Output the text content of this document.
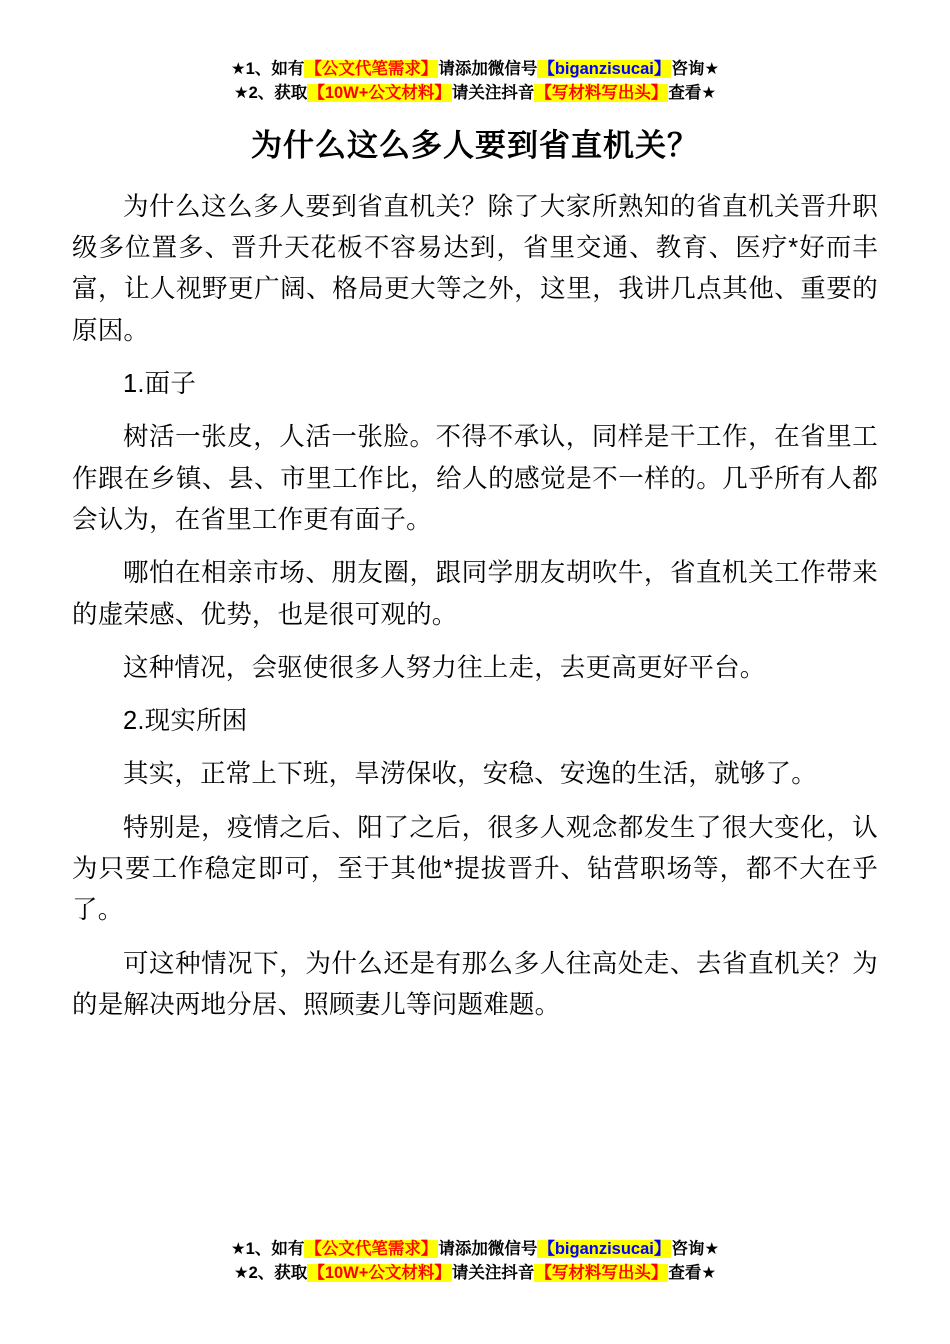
★1、如有【公文代笔需求】请添加微信号【biganzisucai】咨询★
★2、获取【10W+公文材料】请关注抖音【写材料写出头】查看★
为什么这么多人要到省直机关？

为什么这么多人要到省直机关？除了大家所熟知的省直机关晋升职级多位置多、晋升天花板不容易达到，省里交通、教育、医疗*好而丰富，让人视野更广阔、格局更大等之外，这里，我讲几点其他、重要的原因。

1.面子

树活一张皮，人活一张脸。不得不承认，同样是干工作，在省里工作跟在乡镇、县、市里工作比，给人的感觉是不一样的。几乎所有人都会认为，在省里工作更有面子。

哪怕在相亲市场、朋友圈，跟同学朋友胡吹牛，省直机关工作带来的虚荣感、优势，也是很可观的。

这种情况，会驱使很多人努力往上走，去更高更好平台。

2.现实所困

其实，正常上下班，旱涝保收，安稳、安逸的生活，就够了。

特别是，疫情之后、阳了之后，很多人观念都发生了很大变化，认为只要工作稳定即可，至于其他*提拔晋升、钻营职场等，都不大在乎了。

可这种情况下，为什么还是有那么多人往高处走、去省直机关？为的是解决两地分居、照顾妻儿等问题难题。

★1、如有【公文代笔需求】请添加微信号【biganzisucai】咨询★
★2、获取【10W+公文材料】请关注抖音【写材料写出头】查看★
